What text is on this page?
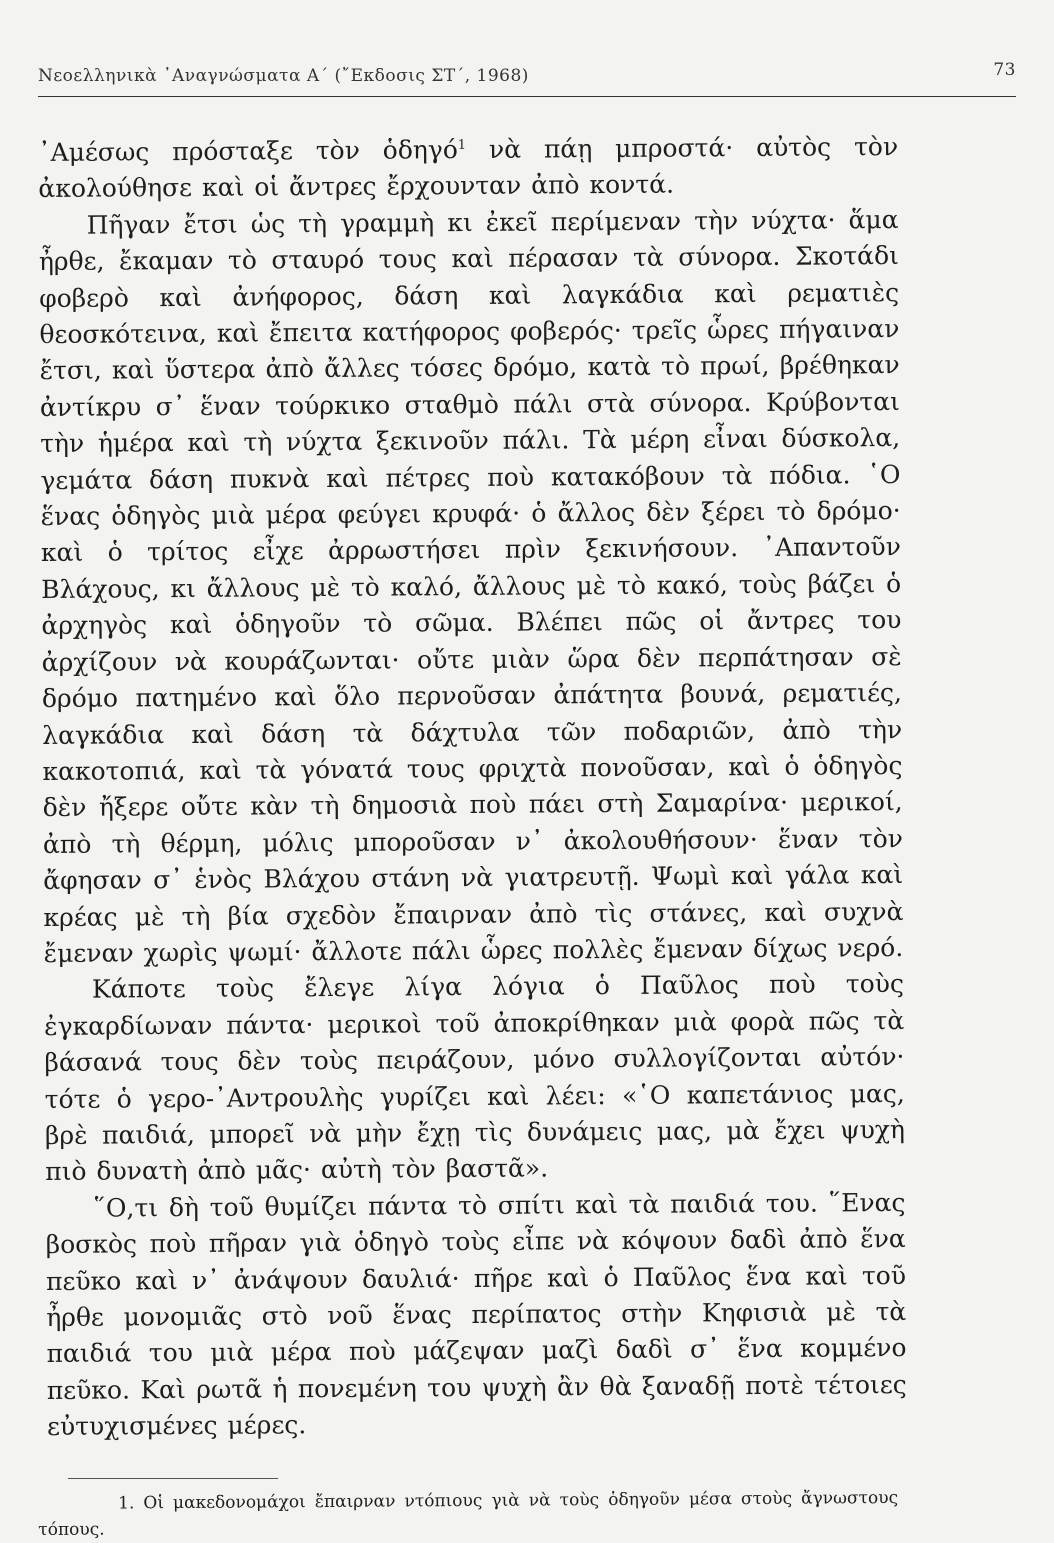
Νεοελληνικὰ ᾿Αναγνώσματα Α΄ (῎Εκδοσις ΣΤ΄, 1968)	73

᾿Αμέσως πρόσταξε τὸν ὁδηγό$^1$ νὰ πάῃ μπροστά· αὐτὸς τὸν ἀκολούθησε καὶ οἱ ἄντρες ἔρχουνταν ἀπὸ κοντά.

Πῆγαν ἔτσι ὡς τὴ γραμμὴ κι ἐκεῖ περίμεναν τὴν νύχτα· ἅμα ἦρθε, ἔκαμαν τὸ σταυρό τους καὶ πέρασαν τὰ σύνορα. Σκοτάδι φοβερὸ καὶ ἀνήφορος, δάση καὶ λαγκάδια καὶ ρεματιὲς θεοσκότεινα, καὶ ἔπειτα κατήφορος φοβερός· τρεῖς ὧρες πήγαιναν ἔτσι, καὶ ὕστερα ἀπὸ ἄλλες τόσες δρόμο, κατὰ τὸ πρωί, βρέθηκαν ἀντίκρυ σ᾿ ἕναν τούρκικο σταθμὸ πάλι στὰ σύνορα. Κρύβονται τὴν ἡμέρα καὶ τὴ νύχτα ξεκινοῦν πάλι. Τὰ μέρη εἶναι δύσκολα, γεμάτα δάση πυκνὰ καὶ πέτρες ποὺ κατακόβουν τὰ πόδια. ῾Ο ἕνας ὁδηγὸς μιὰ μέρα φεύγει κρυφά· ὁ ἄλλος δὲν ξέρει τὸ δρόμο· καὶ ὁ τρίτος εἶχε ἀρρωστήσει πρὶν ξεκινήσουν. ᾿Απαντοῦν Βλάχους, κι ἄλλους μὲ τὸ καλό, ἄλλους μὲ τὸ κακό, τοὺς βάζει ὁ ἀρχηγὸς καὶ ὁδηγοῦν τὸ σῶμα. Βλέπει πῶς οἱ ἄντρες του ἀρχίζουν νὰ κουράζωνται· οὔτε μιὰν ὥρα δὲν περπάτησαν σὲ δρόμο πατημένο καὶ ὅλο περνοῦσαν ἀπάτητα βουνά, ρεματιές, λαγκάδια καὶ δάση τὰ δάχτυλα τῶν ποδαριῶν, ἀπὸ τὴν κακοτοπιά, καὶ τὰ γόνατά τους φριχτὰ πονοῦσαν, καὶ ὁ ὁδηγὸς δὲν ἤξερε οὔτε κὰν τὴ δημοσιὰ ποὺ πάει στὴ Σαμαρίνα· μερικοί, ἀπὸ τὴ θέρμη, μόλις μποροῦσαν ν᾿ ἀκολουθήσουν· ἕναν τὸν ἄφησαν σ᾿ ἑνὸς Βλάχου στάνη νὰ γιατρευτῇ. Ψωμὶ καὶ γάλα καὶ κρέας μὲ τὴ βία σχεδὸν ἔπαιρναν ἀπὸ τὶς στάνες, καὶ συχνὰ ἔμεναν χωρὶς ψωμί· ἄλλοτε πάλι ὧρες πολλὲς ἔμεναν δίχως νερό.

Κάποτε τοὺς ἔλεγε λίγα λόγια ὁ Παῦλος ποὺ τοὺς ἐγκαρδίωναν πάντα· μερικοὶ τοῦ ἀποκρίθηκαν μιὰ φορὰ πῶς τὰ βάσανά τους δὲν τοὺς πειράζουν, μόνο συλλογίζονται αὐτόν· τότε ὁ γερο-᾿Αντρουλὴς γυρίζει καὶ λέει: «῾Ο καπετάνιος μας, βρὲ παιδιά, μπορεῖ νὰ μὴν ἔχῃ τὶς δυνάμεις μας, μὰ ἔχει ψυχὴ πιὸ δυνατὴ ἀπὸ μᾶς· αὐτὴ τὸν βαστᾶ».

῞Ο,τι δὴ τοῦ θυμίζει πάντα τὸ σπίτι καὶ τὰ παιδιά του. ῞Ενας βοσκὸς ποὺ πῆραν γιὰ ὁδηγὸ τοὺς εἶπε νὰ κόψουν δαδὶ ἀπὸ ἕνα πεῦκο καὶ ν᾿ ἀνάψουν δαυλιά· πῆρε καὶ ὁ Παῦλος ἕνα καὶ τοῦ ἦρθε μονομιᾶς στὸ νοῦ ἕνας περίπατος στὴν Κηφισιὰ μὲ τὰ παιδιά του μιὰ μέρα ποὺ μάζεψαν μαζὶ δαδὶ σ᾿ ἕνα κομμένο πεῦκο. Καὶ ρωτᾶ ἡ πονεμένη του ψυχὴ ἂν θὰ ξαναδῇ ποτὲ τέτοιες εὐτυχισμένες μέρες.

1. Οἱ μακεδονομάχοι ἔπαιρναν ντόπιους γιὰ νὰ τοὺς ὁδηγοῦν μέσα στοὺς ἄγνωστους τόπους.
